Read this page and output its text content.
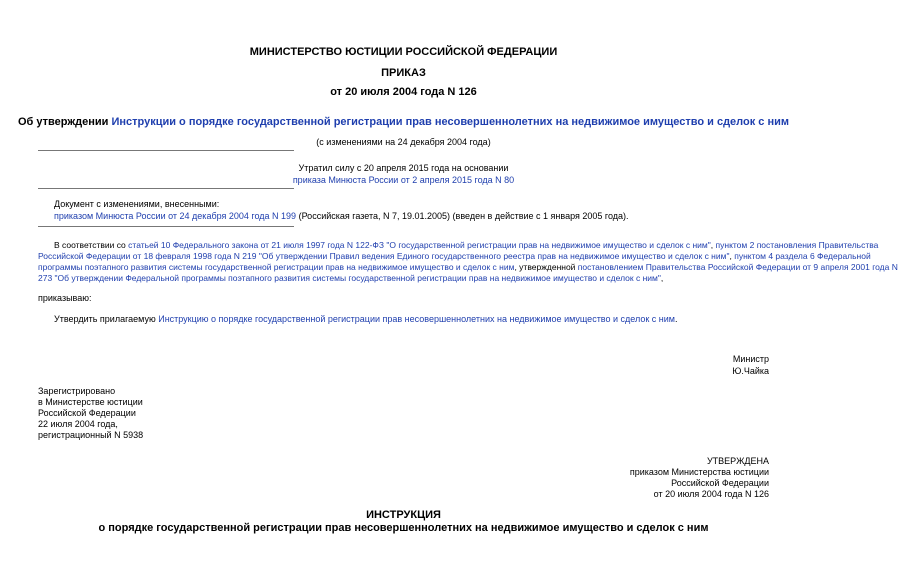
МИНИСТЕРСТВО ЮСТИЦИИ РОССИЙСКОЙ ФЕДЕРАЦИИ
ПРИКАЗ
от 20 июля 2004 года N 126
Об утверждении Инструкции о порядке государственной регистрации прав несовершеннолетних на недвижимое имущество и сделок с ним
(с изменениями на 24 декабря 2004 года)
Утратил силу с 20 апреля 2015 года на основании
приказа Минюста России от 2 апреля 2015 года N 80
Документ с изменениями, внесенными:
приказом Минюста России от 24 декабря 2004 года N 199 (Российская газета, N 7, 19.01.2005) (введен в действие с 1 января 2005 года).
В соответствии со статьей 10 Федерального закона от 21 июля 1997 года N 122-ФЗ "О государственной регистрации прав на недвижимое имущество и сделок с ним", пунктом 2 постановления Правительства
Российской Федерации от 18 февраля 1998 года N 219 "Об утверждении Правил ведения Единого государственного реестра прав на недвижимое имущество и сделок с ним", пунктом 4 раздела 6 Федеральной
программы поэтапного развития системы государственной регистрации прав на недвижимое имущество и сделок с ним, утвержденной постановлением Правительства Российской Федерации от 9 апреля 2001 года N
273 "Об утверждении Федеральной программы поэтапного развития системы государственной регистрации прав на недвижимое имущество и сделок с ним",
приказываю:
Утвердить прилагаемую Инструкцию о порядке государственной регистрации прав несовершеннолетних на недвижимое имущество и сделок с ним.
Министр
Ю.Чайка
Зарегистрировано
в Министерстве юстиции
Российской Федерации
22 июля 2004 года,
регистрационный N 5938
УТВЕРЖДЕНА
приказом Министерства юстиции
Российской Федерации
от 20 июля 2004 года N 126
ИНСТРУКЦИЯ
о порядке государственной регистрации прав несовершеннолетних на недвижимое имущество и сделок с ним
